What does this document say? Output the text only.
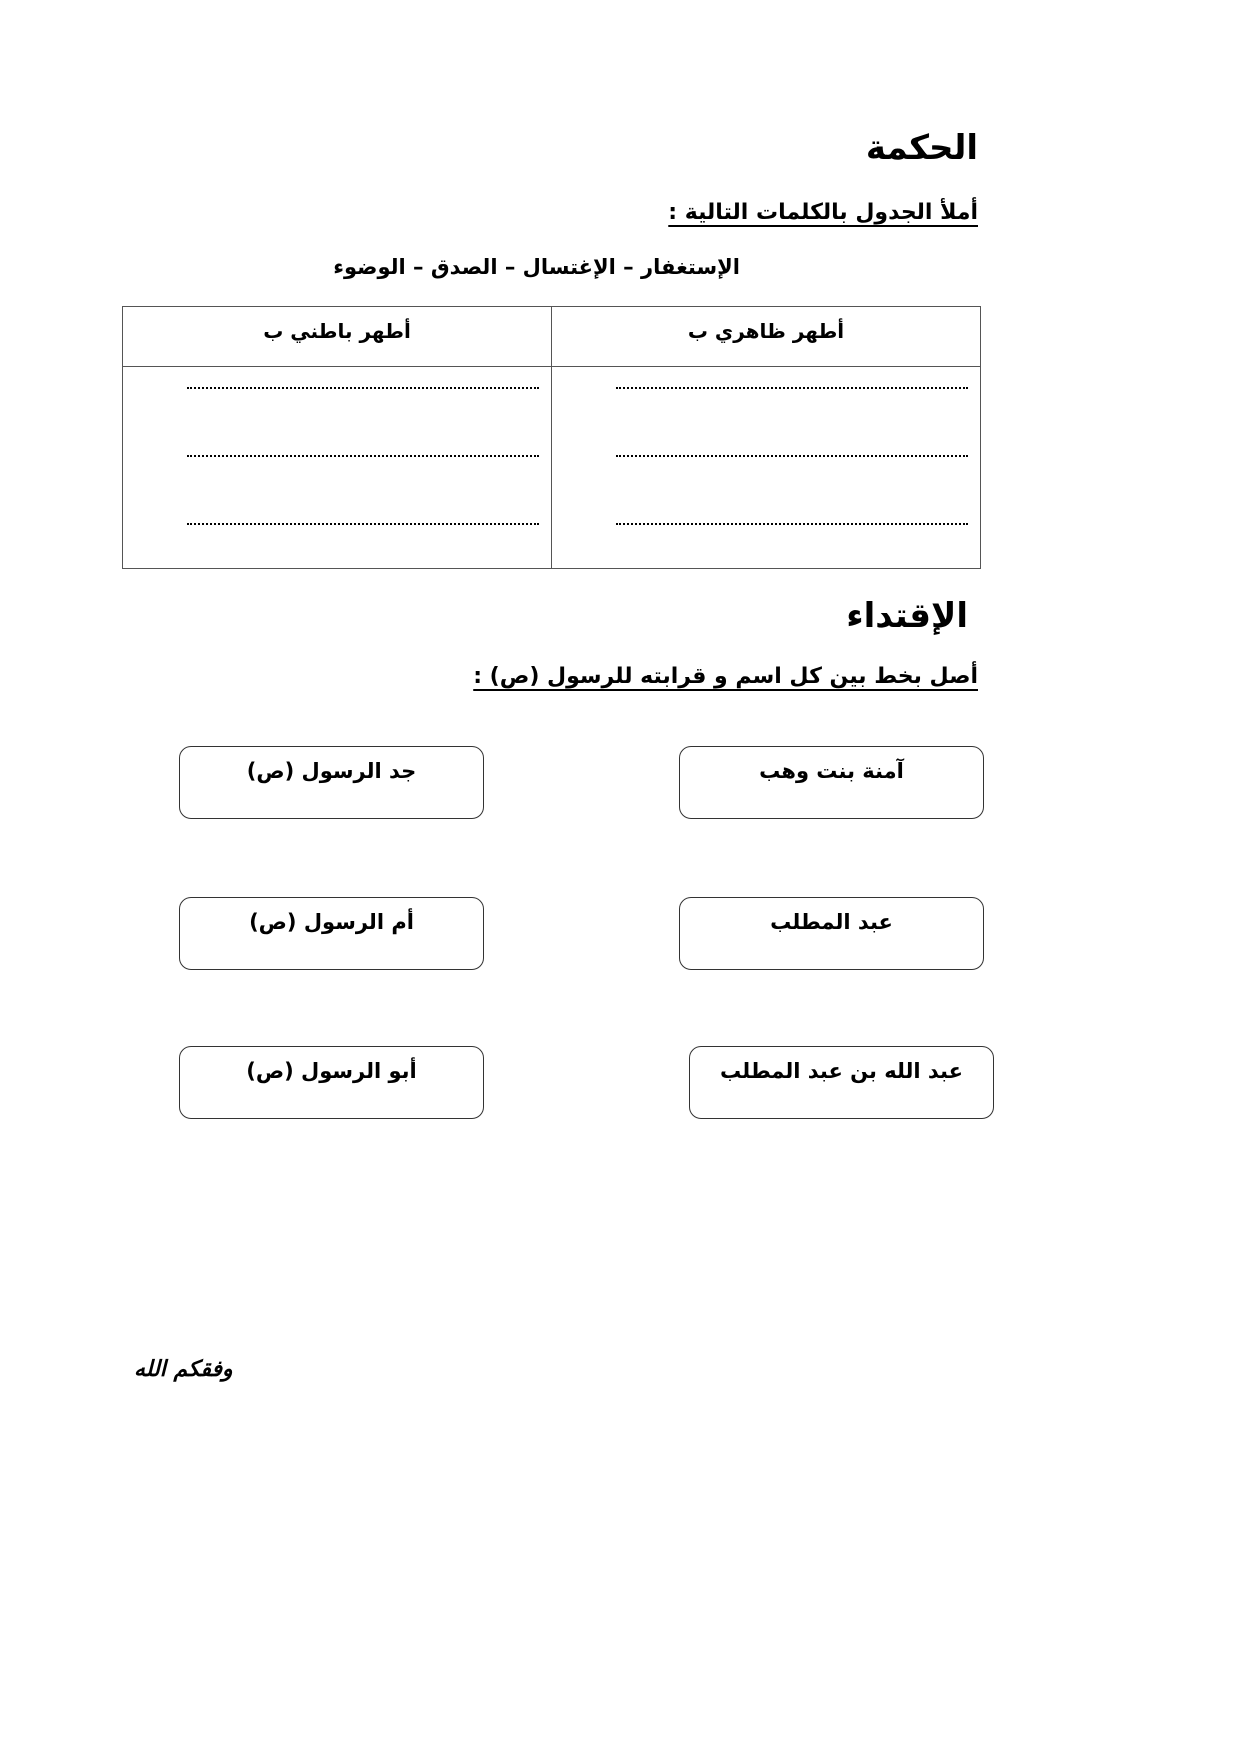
الحكمة
أملأ الجدول بالكلمات التالية :
الإستغفار – الإغتسال – الصدق – الوضوء
أطهر ظاهري ب	أطهر باطني ب

الإقتداء
أصل بخط بين كل اسم و قرابته للرسول (ص) :
آمنة بنت وهب
عبد المطلب
عبد الله بن عبد المطلب
جد الرسول (ص)
أم الرسول (ص)
أبو الرسول (ص)
وفقكم الله
